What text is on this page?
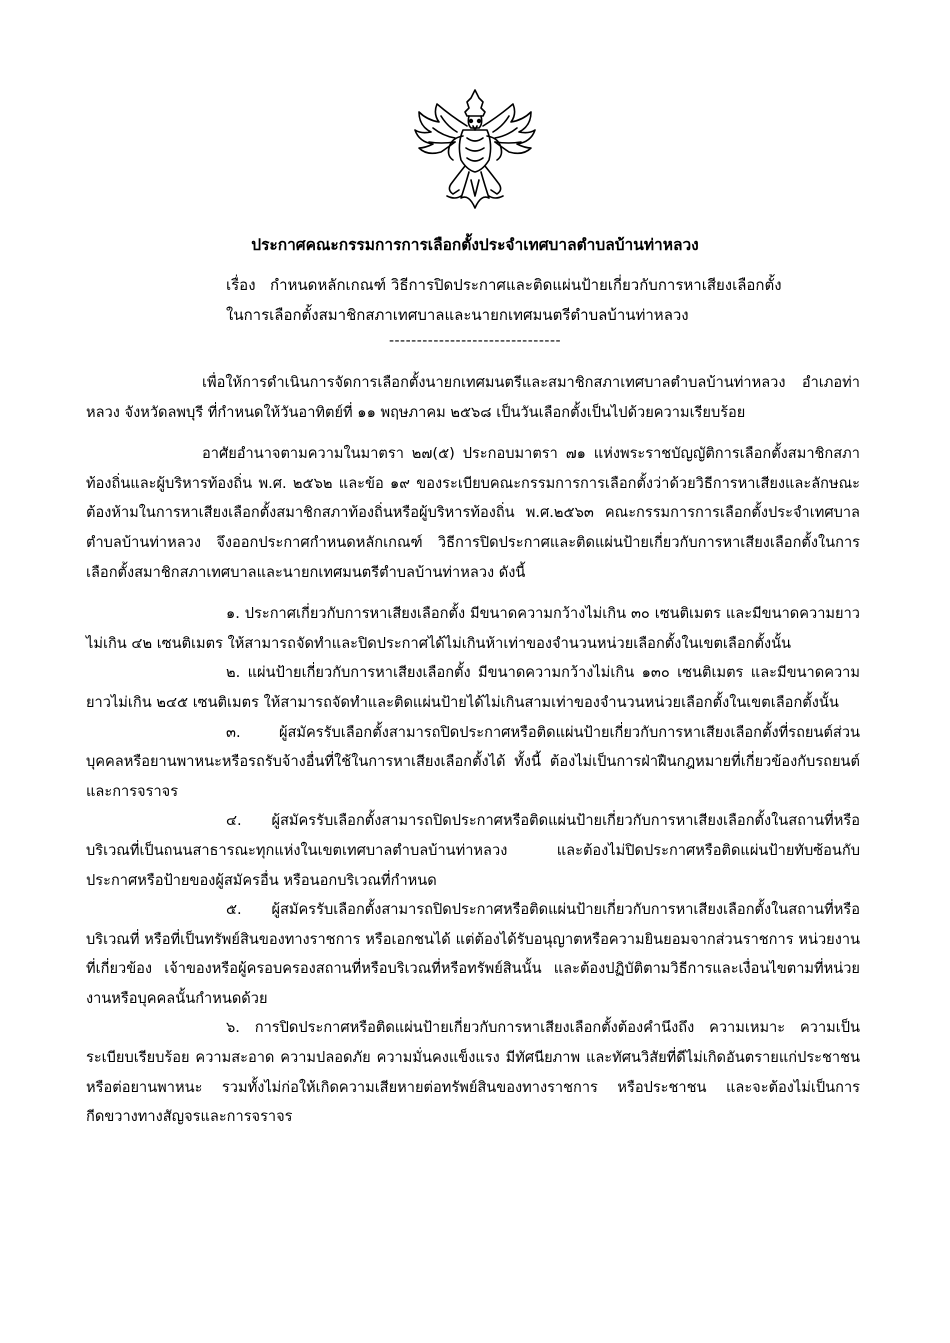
ประกาศคณะกรรมการการเลือกตั้งประจำเทศบาลตำบลบ้านท่าหลวง
เรื่อง กำหนดหลักเกณฑ์ วิธีการปิดประกาศและติดแผ่นป้ายเกี่ยวกับการหาเสียงเลือกตั้ง
ในการเลือกตั้งสมาชิกสภาเทศบาลและนายกเทศมนตรีตำบลบ้านท่าหลวง
-------------------------------

เพื่อให้การดำเนินการจัดการเลือกตั้งนายกเทศมนตรีและสมาชิกสภาเทศบาลตำบลบ้านท่าหลวง อำเภอท่าหลวง จังหวัดลพบุรี ที่กำหนดให้วันอาทิตย์ที่ ๑๑ พฤษภาคม ๒๕๖๘ เป็นวันเลือกตั้งเป็นไปด้วยความเรียบร้อย

อาศัยอำนาจตามความในมาตรา ๒๗(๕) ประกอบมาตรา ๗๑ แห่งพระราชบัญญัติการเลือกตั้งสมาชิกสภาท้องถิ่นและผู้บริหารท้องถิ่น พ.ศ. ๒๕๖๒ และข้อ ๑๙ ของระเบียบคณะกรรมการการเลือกตั้งว่าด้วยวิธีการหาเสียงและลักษณะต้องห้ามในการหาเสียงเลือกตั้งสมาชิกสภาท้องถิ่นหรือผู้บริหารท้องถิ่น พ.ศ.๒๕๖๓ คณะกรรมการการเลือกตั้งประจำเทศบาลตำบลบ้านท่าหลวง จึงออกประกาศกำหนดหลักเกณฑ์ วิธีการปิดประกาศและติดแผ่นป้ายเกี่ยวกับการหาเสียงเลือกตั้งในการเลือกตั้งสมาชิกสภาเทศบาลและนายกเทศมนตรีตำบลบ้านท่าหลวง ดังนี้

๑. ประกาศเกี่ยวกับการหาเสียงเลือกตั้ง มีขนาดความกว้างไม่เกิน ๓๐ เซนติเมตร และมีขนาดความยาวไม่เกิน ๔๒ เซนติเมตร ให้สามารถจัดทำและปิดประกาศได้ไม่เกินห้าเท่าของจำนวนหน่วยเลือกตั้งในเขตเลือกตั้งนั้น

๒. แผ่นป้ายเกี่ยวกับการหาเสียงเลือกตั้ง มีขนาดความกว้างไม่เกิน ๑๓๐ เซนติเมตร และมีขนาดความยาวไม่เกิน ๒๔๕ เซนติเมตร ให้สามารถจัดทำและติดแผ่นป้ายได้ไม่เกินสามเท่าของจำนวนหน่วยเลือกตั้งในเขตเลือกตั้งนั้น

๓. ผู้สมัครรับเลือกตั้งสามารถปิดประกาศหรือติดแผ่นป้ายเกี่ยวกับการหาเสียงเลือกตั้งที่รถยนต์ส่วนบุคคลหรือยานพาหนะหรือรถรับจ้างอื่นที่ใช้ในการหาเสียงเลือกตั้งได้ ทั้งนี้ ต้องไม่เป็นการฝ่าฝืนกฎหมายที่เกี่ยวข้องกับรถยนต์และการจราจร

๔. ผู้สมัครรับเลือกตั้งสามารถปิดประกาศหรือติดแผ่นป้ายเกี่ยวกับการหาเสียงเลือกตั้งในสถานที่หรือบริเวณที่เป็นถนนสาธารณะทุกแห่งในเขตเทศบาลตำบลบ้านท่าหลวง และต้องไม่ปิดประกาศหรือติดแผ่นป้ายทับซ้อนกับประกาศหรือป้ายของผู้สมัครอื่น หรือนอกบริเวณที่กำหนด

๕. ผู้สมัครรับเลือกตั้งสามารถปิดประกาศหรือติดแผ่นป้ายเกี่ยวกับการหาเสียงเลือกตั้งในสถานที่หรือบริเวณที่ หรือที่เป็นทรัพย์สินของทางราชการ หรือเอกชนได้ แต่ต้องได้รับอนุญาตหรือความยินยอมจากส่วนราชการ หน่วยงานที่เกี่ยวข้อง เจ้าของหรือผู้ครอบครองสถานที่หรือบริเวณที่หรือทรัพย์สินนั้น และต้องปฏิบัติตามวิธีการและเงื่อนไขตามที่หน่วยงานหรือบุคคลนั้นกำหนดด้วย

๖. การปิดประกาศหรือติดแผ่นป้ายเกี่ยวกับการหาเสียงเลือกตั้งต้องคำนึงถึง ความเหมาะ ความเป็นระเบียบเรียบร้อย ความสะอาด ความปลอดภัย ความมั่นคงแข็งแรง มีทัศนียภาพ และทัศนวิสัยที่ดีไม่เกิดอันตรายแก่ประชาชนหรือต่อยานพาหนะ รวมทั้งไม่ก่อให้เกิดความเสียหายต่อทรัพย์สินของทางราชการ หรือประชาชน และจะต้องไม่เป็นการกีดขวางทางสัญจรและการจราจร
